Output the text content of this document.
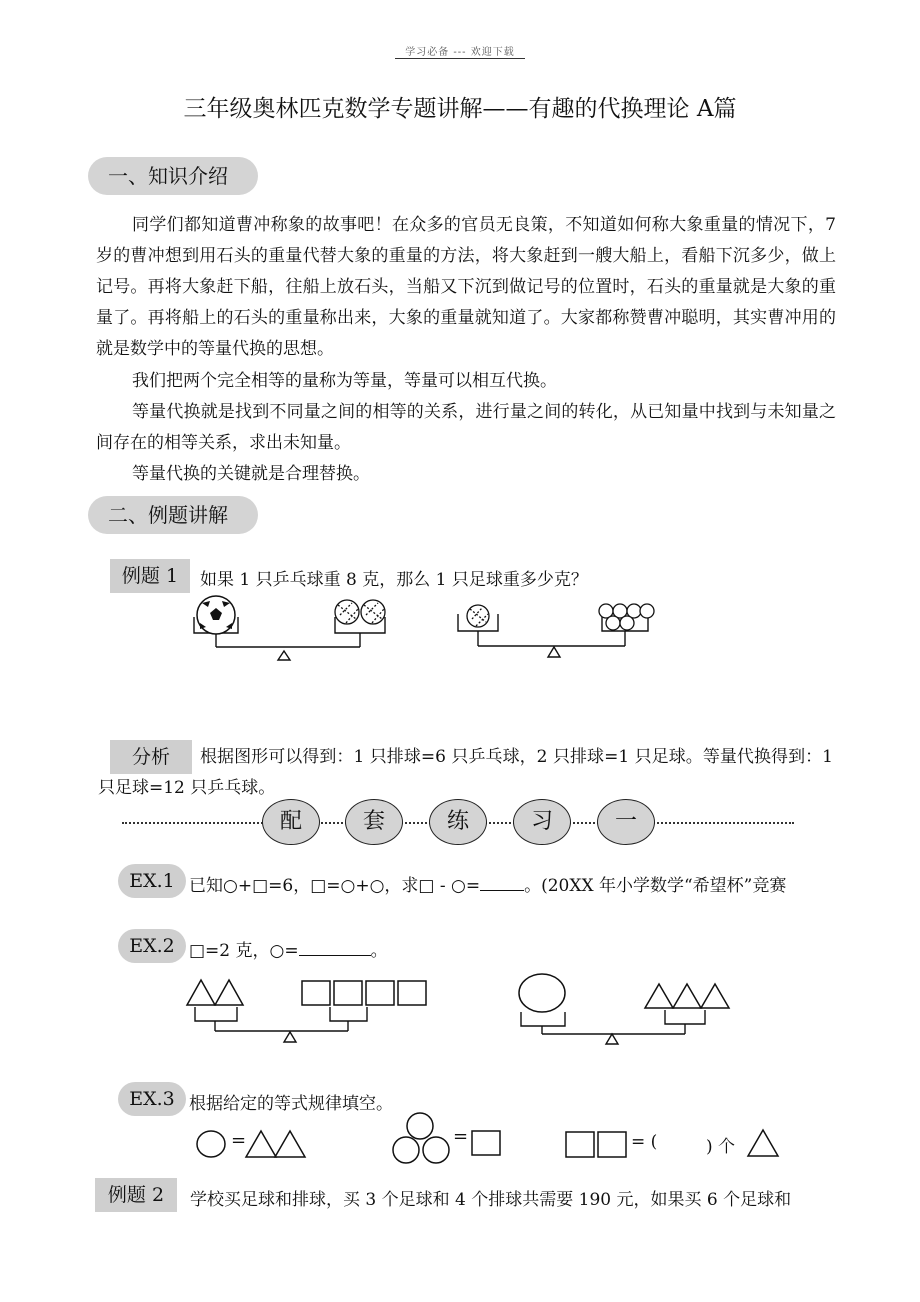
学习必备 --- 欢迎下载
三年级奥林匹克数学专题讲解——有趣的代换理论 A篇
一、知识介绍
同学们都知道曹冲称象的故事吧！在众多的官员无良策，不知道如何称大象重量的情况下，7 岁的曹冲想到用石头的重量代替大象的重量的方法，将大象赶到一艘大船上，看船下沉多少，做上记号。再将大象赶下船，往船上放石头，当船又下沉到做记号的位置时，石头的重量就是大象的重量了。再将船上的石头的重量称出来，大象的重量就知道了。大家都称赞曹冲聪明，其实曹冲用的就是数学中的等量代换的思想。
我们把两个完全相等的量称为等量，等量可以相互代换。
等量代换就是找到不同量之间的相等的关系，进行量之间的转化，从已知量中找到与未知量之间存在的相等关系，求出未知量。
等量代换的关键就是合理替换。
二、例题讲解
例题 1	如果 1 只乒乓球重 8 克，那么 1 只足球重多少克？
分析	根据图形可以得到：1 只排球=6 只乒乓球，2 只排球=1 只足球。等量代换得到：1 只足球=12 只乒乓球。
配	套	练	习	一
EX.1 已知○+□=6，□=○+○，求□ - ○=	。(20XX 年小学数学“希望杯”竞赛
EX.2 □=2 克，○=	。
EX.3 根据给定的等式规律填空。
=	=	= (	) 个
例题 2	学校买足球和排球，买 3 个足球和 4 个排球共需要 190 元，如果买 6 个足球和
